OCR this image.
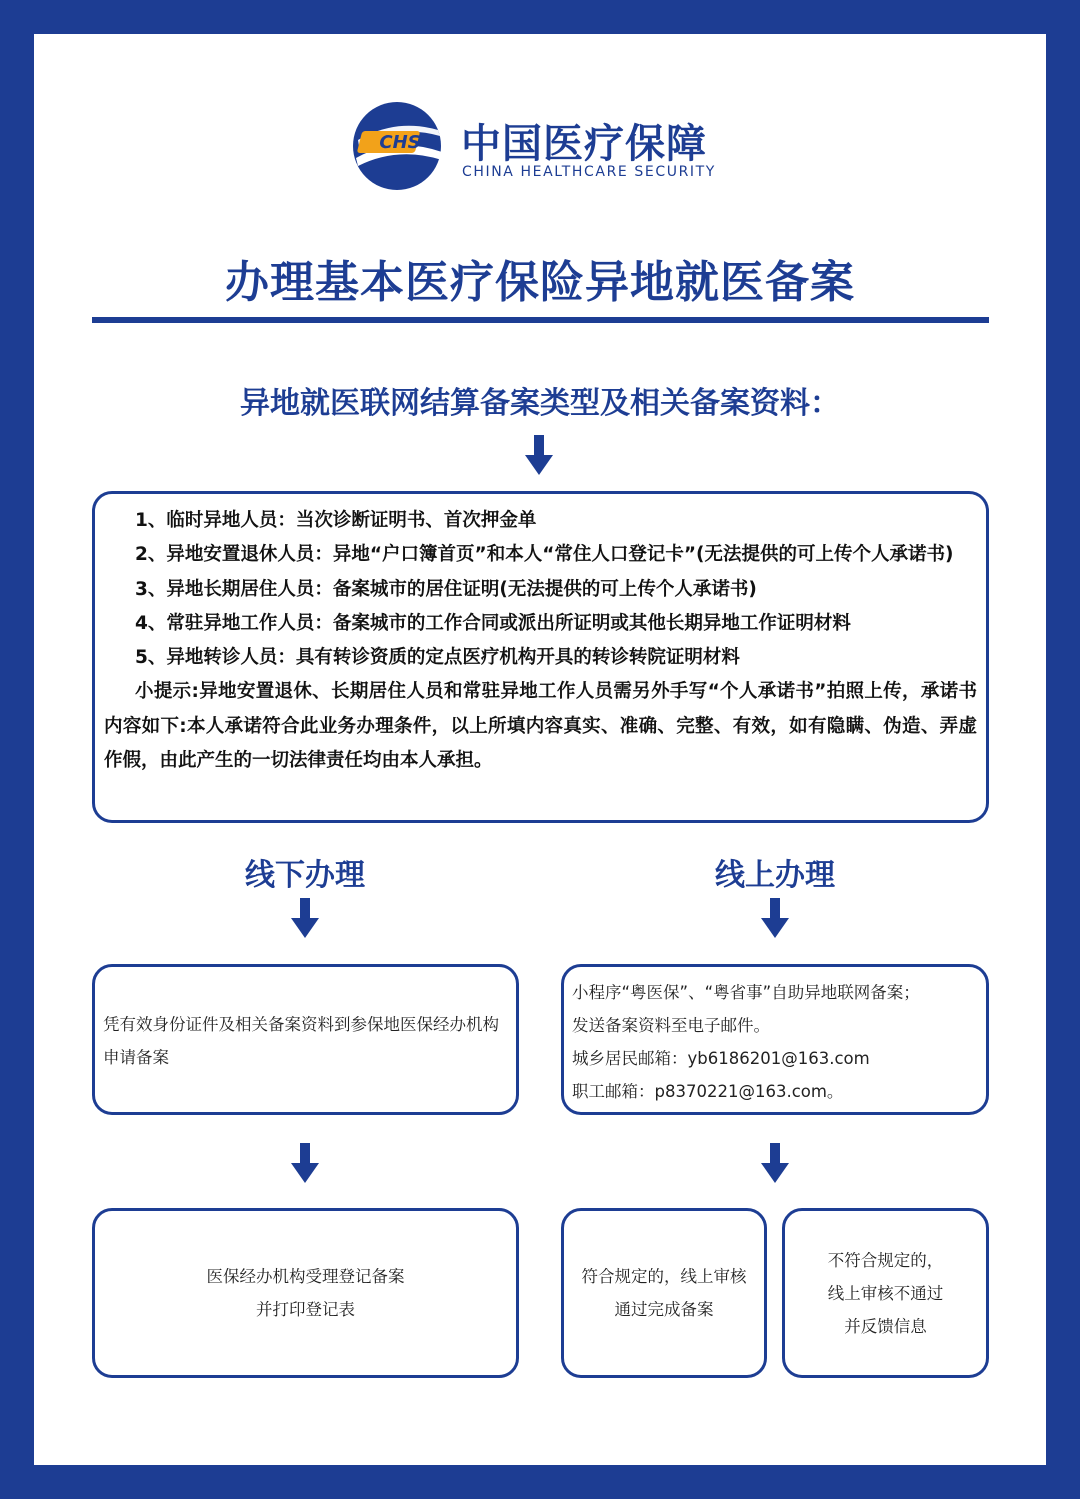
CHS 中国医疗保障
CHINA HEALTHCARE SECURITY
办理基本医疗保险异地就医备案
异地就医联网结算备案类型及相关备案资料：

1、临时异地人员：当次诊断证明书、首次押金单

2、异地安置退休人员：异地“户口簿首页”和本人“常住人口登记卡”(无法提供的可上传个人承诺书)

3、异地长期居住人员：备案城市的居住证明(无法提供的可上传个人承诺书)

4、常驻异地工作人员：备案城市的工作合同或派出所证明或其他长期异地工作证明材料

5、异地转诊人员：具有转诊资质的定点医疗机构开具的转诊转院证明材料

小提示:异地安置退休、长期居住人员和常驻异地工作人员需另外手写“个人承诺书”拍照上传，承诺书内容如下:本人承诺符合此业务办理条件，以上所填内容真实、准确、完整、有效，如有隐瞒、伪造、弄虚作假，由此产生的一切法律责任均由本人承担。

线下办理
凭有效身份证件及相关备案资料到参保地医保经办机构申请备案
医保经办机构受理登记备案
并打印登记表
线上办理
小程序“粤医保”、“粤省事”自助异地联网备案；
发送备案资料至电子邮件。
城乡居民邮箱：yb6186201@163.com
职工邮箱：p8370221@163.com。
符合规定的，线上审核
通过完成备案
不符合规定的，
线上审核不通过
并反馈信息
